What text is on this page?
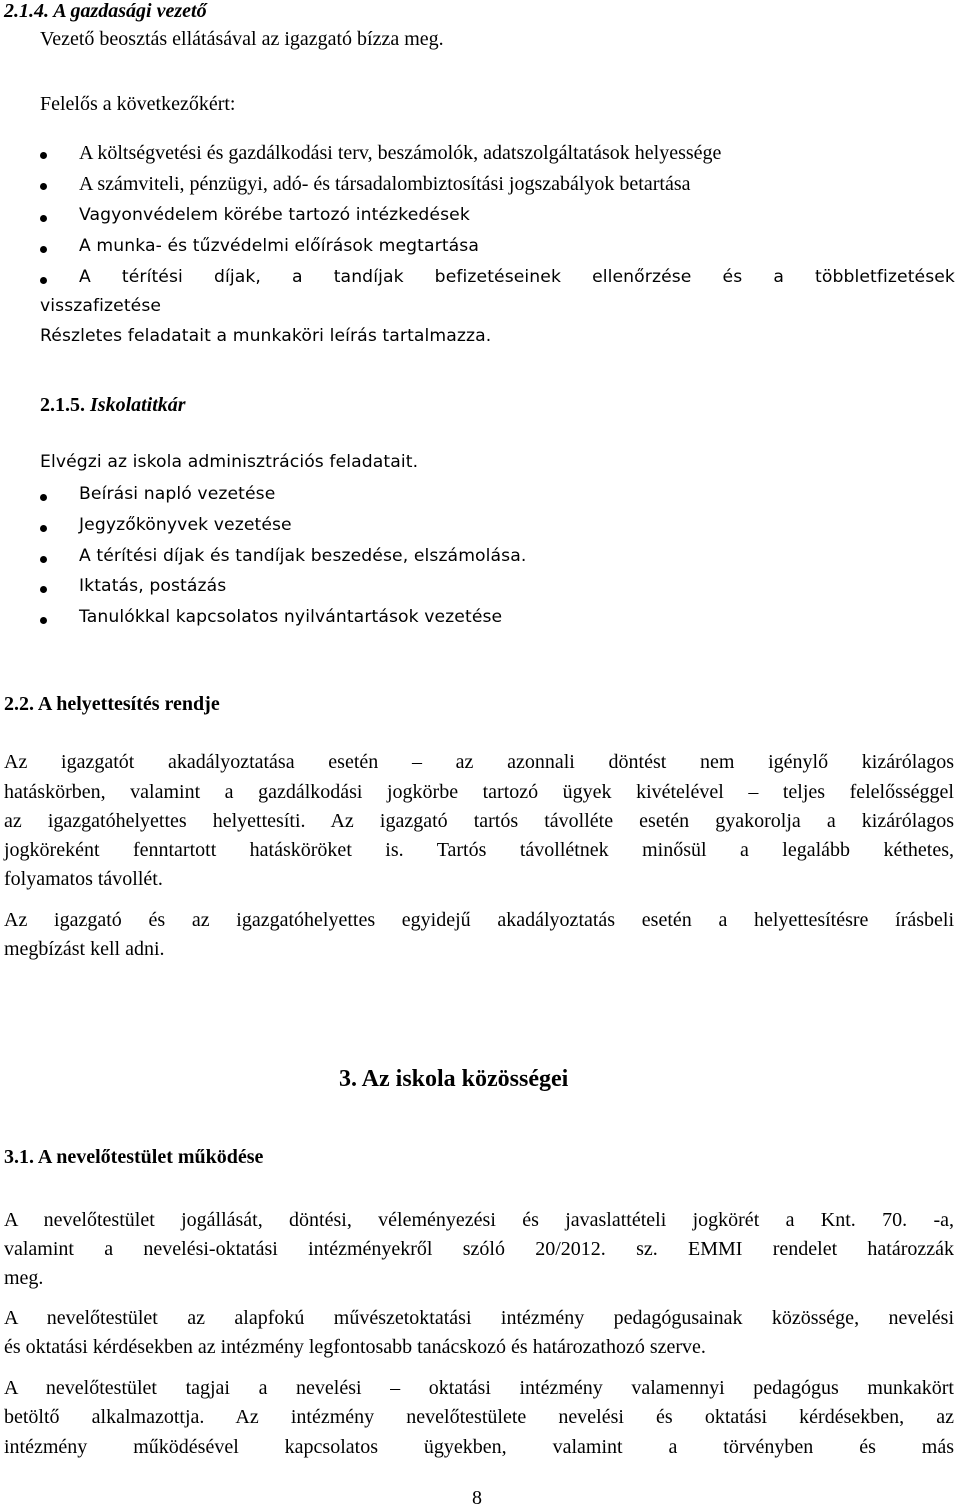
2.1.4. A gazdasági vezető
Vezető beosztás ellátásával az igazgató bízza meg.
Felelős a következőkért:
A költségvetési és gazdálkodási terv, beszámolók, adatszolgáltatások helyessége
A számviteli, pénzügyi, adó- és társadalombiztosítási jogszabályok betartása
Vagyonvédelem körébe tartozó intézkedések
A munka- és tűzvédelmi előírások megtartása
A térítési díjak, a tandíjak befizetéseinek ellenőrzése és a többletfizetések
visszafizetése
Részletes feladatait a munkaköri leírás tartalmazza.
2.1.5. Iskolatitkár
Elvégzi az iskola adminisztrációs feladatait.
Beírási napló vezetése
Jegyzőkönyvek vezetése
A térítési díjak és tandíjak beszedése, elszámolása.
Iktatás, postázás
Tanulókkal kapcsolatos nyilvántartások vezetése
2.2. A helyettesítés rendje
Az igazgatót akadályoztatása esetén – az azonnali döntést nem igénylő kizárólagos
hatáskörben, valamint a gazdálkodási jogkörbe tartozó ügyek kivételével – teljes felelősséggel
az igazgatóhelyettes helyettesíti. Az igazgató tartós távolléte esetén gyakorolja a kizárólagos
jogköreként fenntartott hatásköröket is. Tartós távollétnek minősül a legalább kéthetes,
folyamatos távollét.
Az igazgató és az igazgatóhelyettes egyidejű akadályoztatás esetén a helyettesítésre írásbeli
megbízást kell adni.
3. Az iskola közösségei
3.1. A nevelőtestület működése
A nevelőtestület jogállását, döntési, véleményezési és javaslattételi jogkörét a Knt. 70. -a,
valamint a nevelési-oktatási intézményekről szóló 20/2012. sz. EMMI rendelet határozzák
meg.
A nevelőtestület az alapfokú művészetoktatási intézmény pedagógusainak közössége, nevelési
és oktatási kérdésekben az intézmény legfontosabb tanácskozó és határozathozó szerve.
A nevelőtestület tagjai a nevelési – oktatási intézmény valamennyi pedagógus munkakört
betöltő alkalmazottja. Az intézmény nevelőtestülete nevelési és oktatási kérdésekben, az
intézmény működésével kapcsolatos ügyekben, valamint a törvényben és más
8
